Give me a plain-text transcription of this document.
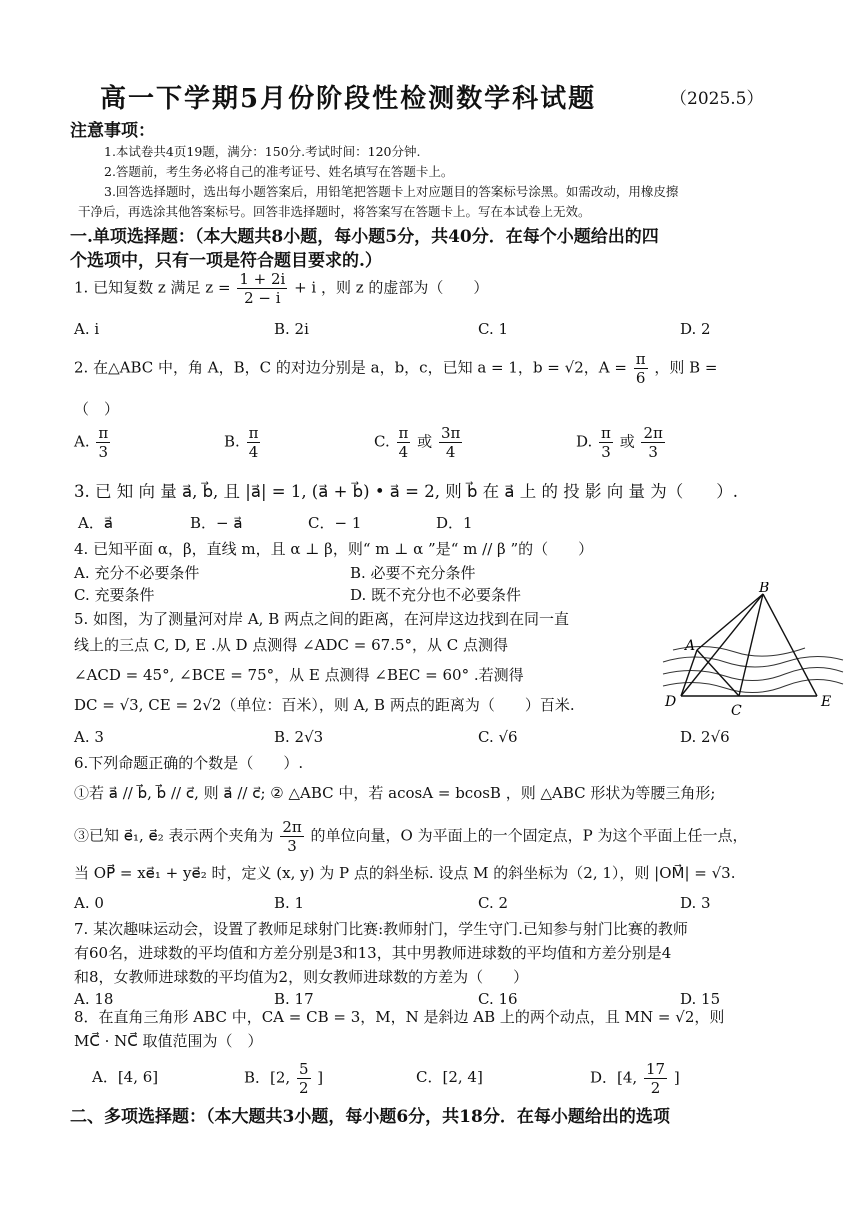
高一下学期5月份阶段性检测数学科试题	（2025.5）
注意事项：
1.本试卷共4页19题，满分：150分.考试时间：120分钟.
2.答题前，考生务必将自己的准考证号、姓名填写在答题卡上。
3.回答选择题时，选出每小题答案后，用铅笔把答题卡上对应题目的答案标号涂黑。如需改动，用橡皮擦
干净后，再选涂其他答案标号。回答非选择题时，将答案写在答题卡上。写在本试卷上无效。
一.单项选择题：（本大题共8小题，每小题5分，共40分．在每个小题给出的四
个选项中，只有一项是符合题目要求的.）
1. 已知复数 z 满足 $z = \frac{1 + 2i}{2 - i} + i$ ，则 z 的虚部为（　　）
A. i	B. 2i	C. 1	D. 2
2. 在△ABC 中，角 A，B，C 的对边分别是 a，b，c，已知 a = 1，b = √2，$A = \frac{\pi}{6}$ ，则 B =
（　）
A. $\frac{\pi}{3}$	B. $\frac{\pi}{4}$	C. $\frac{\pi}{4}$ 或 $\frac{3\pi}{4}$	D. $\frac{\pi}{3}$ 或 $\frac{2\pi}{3}$
3. 已 知 向 量 a⃗, b⃗, 且 |a⃗| = 1, (a⃗ + b⃗) • a⃗ = 2, 则 b⃗ 在 a⃗ 上 的 投 影 向 量 为（　　）.
A．a⃗	B．− a⃗	C．− 1	D．1
4. 已知平面 α，β，直线 m，且 α ⊥ β，则“ m ⊥ α ”是“ m // β ”的（　　）
A. 充分不必要条件	B. 必要不充分条件
C. 充要条件	D. 既不充分也不必要条件
5. 如图，为了测量河对岸 A, B 两点之间的距离，在河岸这边找到在同一直
线上的三点 C, D, E .从 D 点测得 ∠ADC = 67.5°，从 C 点测得
∠ACD = 45°, ∠BCE = 75°，从 E 点测得 ∠BEC = 60° .若测得
DC = √3, CE = 2√2（单位：百米），则 A, B 两点的距离为（　　）百米.
A. 3	B. 2√3	C. √6	D. 2√6
B
A
D
C
E
6.下列命题正确的个数是（　　）.
①若 a⃗ // b⃗, b⃗ // c⃗, 则 a⃗ // c⃗; ② △ABC 中，若 acosA = bcosB ，则 △ABC 形状为等腰三角形;
③已知 e⃗₁, e⃗₂ 表示两个夹角为 $\frac{2\pi}{3}$ 的单位向量，O 为平面上的一个固定点，P 为这个平面上任一点，
当 OP⃗ = xe⃗₁ + ye⃗₂ 时，定义 (x, y) 为 P 点的斜坐标. 设点 M 的斜坐标为（2, 1），则 |OM⃗| = √3.
A. 0	B. 1	C. 2	D. 3
7. 某次趣味运动会，设置了教师足球射门比赛:教师射门，学生守门.已知参与射门比赛的教师
有60名，进球数的平均值和方差分别是3和13，其中男教师进球数的平均值和方差分别是4
和8，女教师进球数的平均值为2，则女教师进球数的方差为（　　）
A. 18	B. 17	C. 16	D. 15
8．在直角三角形 ABC 中，CA = CB = 3，M，N 是斜边 AB 上的两个动点，且 MN = √2，则
MC⃗ · NC⃗ 取值范围为（　）
A．[4, 6]	B．[2, $\frac{5}{2}$ ]	C．[2, 4]	D．[4, $\frac{17}{2}$ ]
二、多项选择题：（本大题共3小题，每小题6分，共18分．在每小题给出的选项
